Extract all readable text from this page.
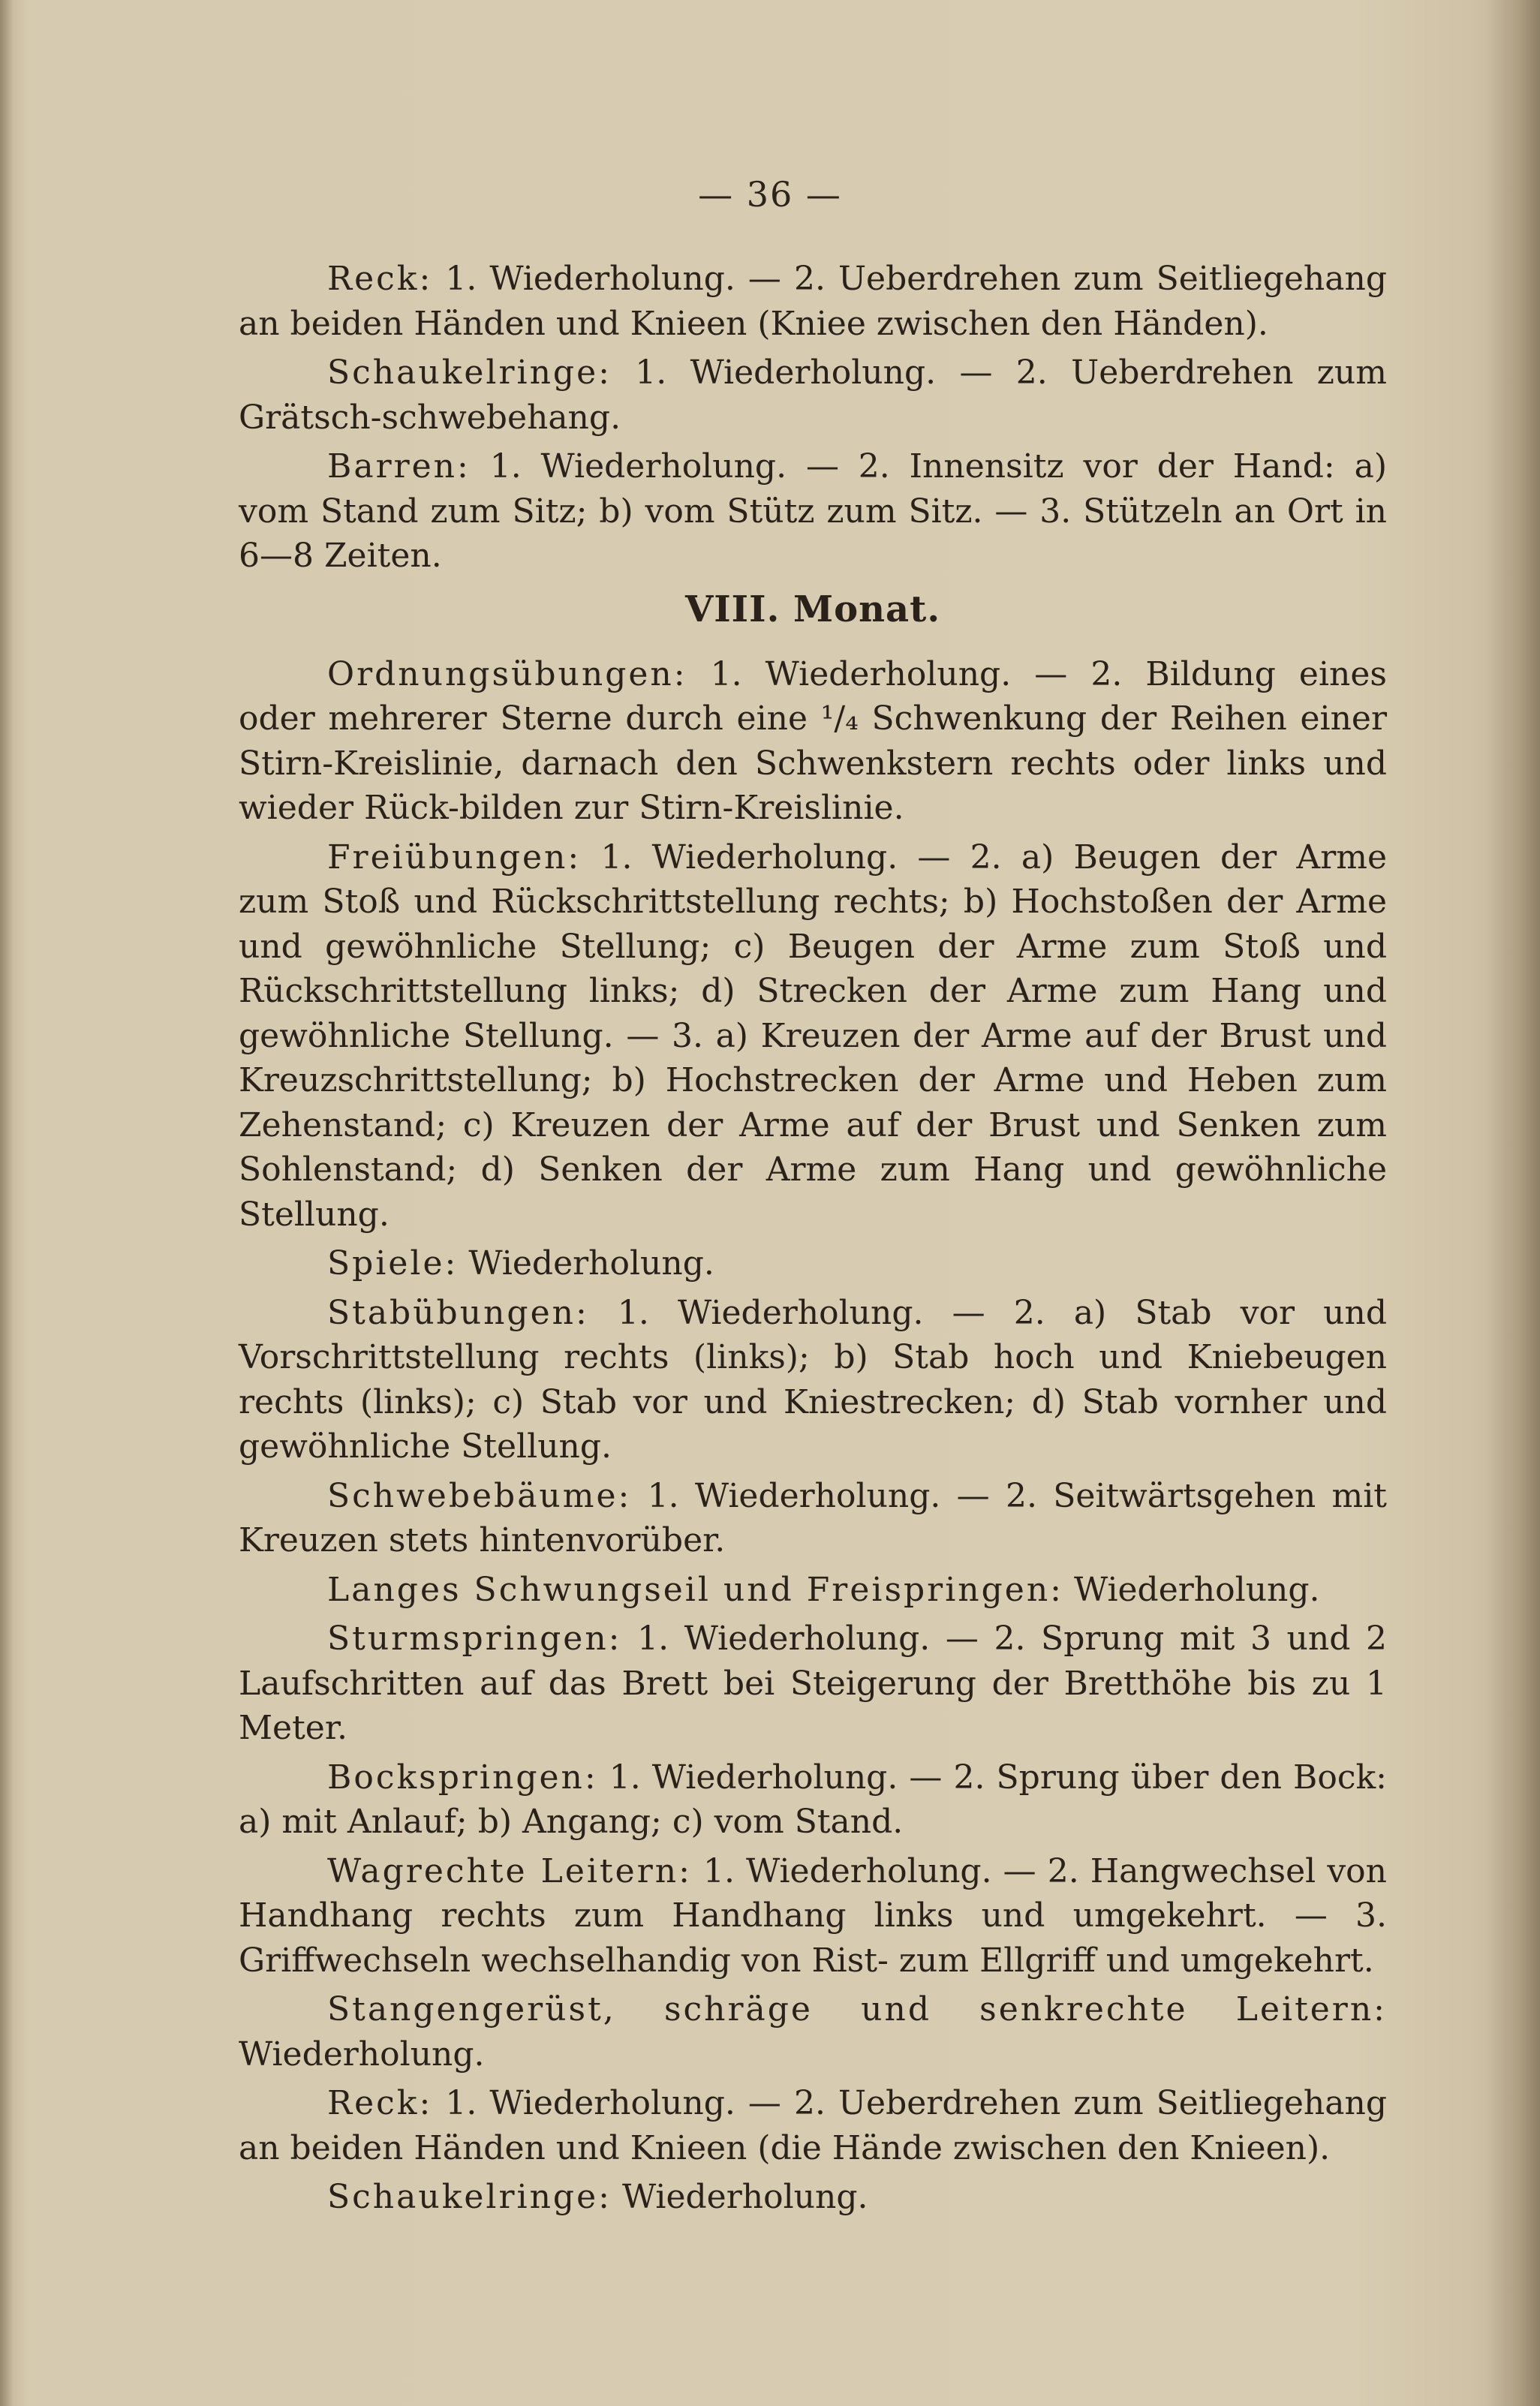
— 36 —

Reck: 1. Wiederholung. — 2. Ueberdrehen zum Seitliegehang an beiden Händen und Knieen (Kniee zwischen den Händen).

Schaukelringe: 1. Wiederholung. — 2. Ueberdrehen zum Grätsch-schwebehang.

Barren: 1. Wiederholung. — 2. Innensitz vor der Hand: a) vom Stand zum Sitz; b) vom Stütz zum Sitz. — 3. Stützeln an Ort in 6—8 Zeiten.

VIII. Monat.

Ordnungsübungen: 1. Wiederholung. — 2. Bildung eines oder mehrerer Sterne durch eine ¹/₄ Schwenkung der Reihen einer Stirn-Kreislinie, darnach den Schwenkstern rechts oder links und wieder Rück-bilden zur Stirn-Kreislinie.

Freiübungen: 1. Wiederholung. — 2. a) Beugen der Arme zum Stoß und Rückschrittstellung rechts; b) Hochstoßen der Arme und gewöhnliche Stellung; c) Beugen der Arme zum Stoß und Rückschrittstellung links; d) Strecken der Arme zum Hang und gewöhnliche Stellung. — 3. a) Kreuzen der Arme auf der Brust und Kreuzschrittstellung; b) Hochstrecken der Arme und Heben zum Zehenstand; c) Kreuzen der Arme auf der Brust und Senken zum Sohlenstand; d) Senken der Arme zum Hang und gewöhnliche Stellung.

Spiele: Wiederholung.

Stabübungen: 1. Wiederholung. — 2. a) Stab vor und Vorschrittstellung rechts (links); b) Stab hoch und Kniebeugen rechts (links); c) Stab vor und Kniestrecken; d) Stab vornher und gewöhnliche Stellung.

Schwebebäume: 1. Wiederholung. — 2. Seitwärtsgehen mit Kreuzen stets hintenvorüber.

Langes Schwungseil und Freispringen: Wiederholung.

Sturmspringen: 1. Wiederholung. — 2. Sprung mit 3 und 2 Laufschritten auf das Brett bei Steigerung der Bretthöhe bis zu 1 Meter.

Bockspringen: 1. Wiederholung. — 2. Sprung über den Bock: a) mit Anlauf; b) Angang; c) vom Stand.

Wagrechte Leitern: 1. Wiederholung. — 2. Hangwechsel von Handhang rechts zum Handhang links und umgekehrt. — 3. Griffwechseln wechselhandig von Rist- zum Ellgriff und umgekehrt.

Stangengerüst, schräge und senkrechte Leitern: Wiederholung.

Reck: 1. Wiederholung. — 2. Ueberdrehen zum Seitliegehang an beiden Händen und Knieen (die Hände zwischen den Knieen).

Schaukelringe: Wiederholung.
